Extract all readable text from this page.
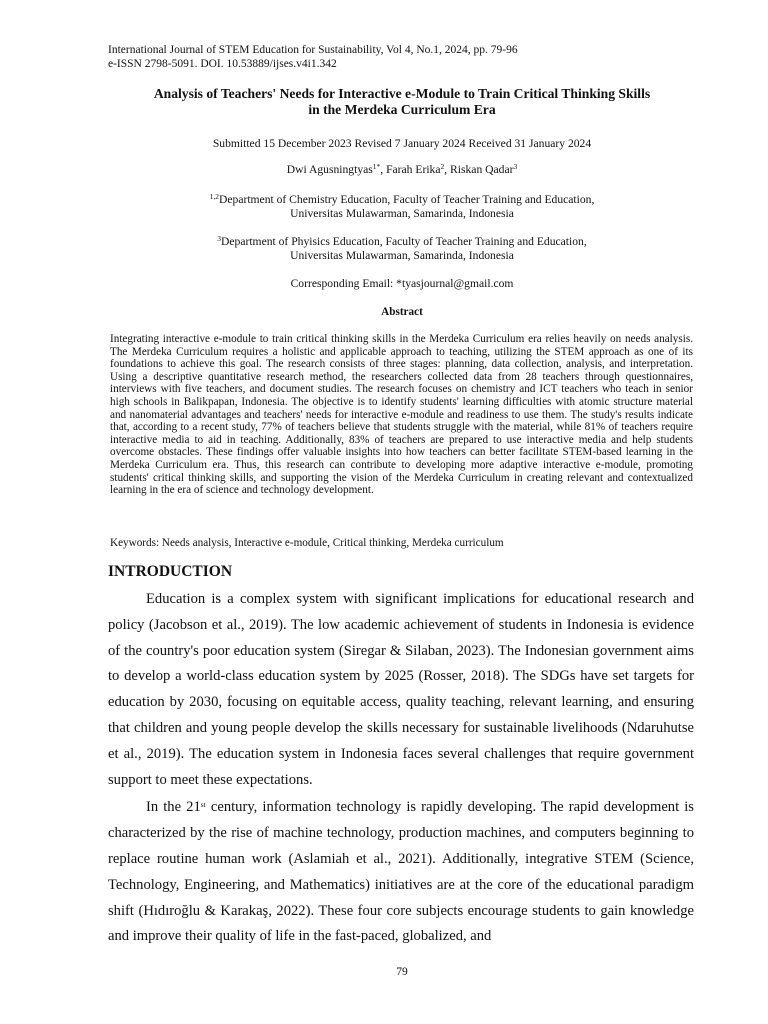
International Journal of STEM Education for Sustainability, Vol 4, No.1, 2024, pp. 79-96
e-ISSN 2798-5091. DOI. 10.53889/ijses.v4i1.342
Analysis of Teachers' Needs for Interactive e-Module to Train Critical Thinking Skills
in the Merdeka Curriculum Era
Submitted 15 December 2023 Revised 7 January 2024 Received 31 January 2024
Dwi Agusningtyas$^{1*}$, Farah Erika$^2$, Riskan Qadar$^3$
$^{1,2}$Department of Chemistry Education, Faculty of Teacher Training and Education,
Universitas Mulawarman, Samarinda, Indonesia
$^3$Department of Phyisics Education, Faculty of Teacher Training and Education,
Universitas Mulawarman, Samarinda, Indonesia
Corresponding Email: *tyasjournal@gmail.com
Abstract
Integrating interactive e-module to train critical thinking skills in the Merdeka Curriculum era relies heavily on needs analysis. The Merdeka Curriculum requires a holistic and applicable approach to teaching, utilizing the STEM approach as one of its foundations to achieve this goal. The research consists of three stages: planning, data collection, analysis, and interpretation. Using a descriptive quantitative research method, the researchers collected data from 28 teachers through questionnaires, interviews with five teachers, and document studies. The research focuses on chemistry and ICT teachers who teach in senior high schools in Balikpapan, Indonesia. The objective is to identify students' learning difficulties with atomic structure material and nanomaterial advantages and teachers' needs for interactive e-module and readiness to use them. The study's results indicate that, according to a recent study, 77% of teachers believe that students struggle with the material, while 81% of teachers require interactive media to aid in teaching. Additionally, 83% of teachers are prepared to use interactive media and help students overcome obstacles. These findings offer valuable insights into how teachers can better facilitate STEM-based learning in the Merdeka Curriculum era. Thus, this research can contribute to developing more adaptive interactive e-module, promoting students' critical thinking skills, and supporting the vision of the Merdeka Curriculum in creating relevant and contextualized learning in the era of science and technology development.
Keywords: Needs analysis, Interactive e-module, Critical thinking, Merdeka curriculum
INTRODUCTION

Education is a complex system with significant implications for educational research and policy (Jacobson et al., 2019). The low academic achievement of students in Indonesia is evidence of the country's poor education system (Siregar & Silaban, 2023). The Indonesian government aims to develop a world-class education system by 2025 (Rosser, 2018). The SDGs have set targets for education by 2030, focusing on equitable access, quality teaching, relevant learning, and ensuring that children and young people develop the skills necessary for sustainable livelihoods (Ndaruhutse et al., 2019). The education system in Indonesia faces several challenges that require government support to meet these expectations.

In the 21st century, information technology is rapidly developing. The rapid development is characterized by the rise of machine technology, production machines, and computers beginning to replace routine human work (Aslamiah et al., 2021). Additionally, integrative STEM (Science, Technology, Engineering, and Mathematics) initiatives are at the core of the educational paradigm shift (Hıdıroğlu & Karakaş, 2022). These four core subjects encourage students to gain knowledge and improve their quality of life in the fast-paced, globalized, and

79
